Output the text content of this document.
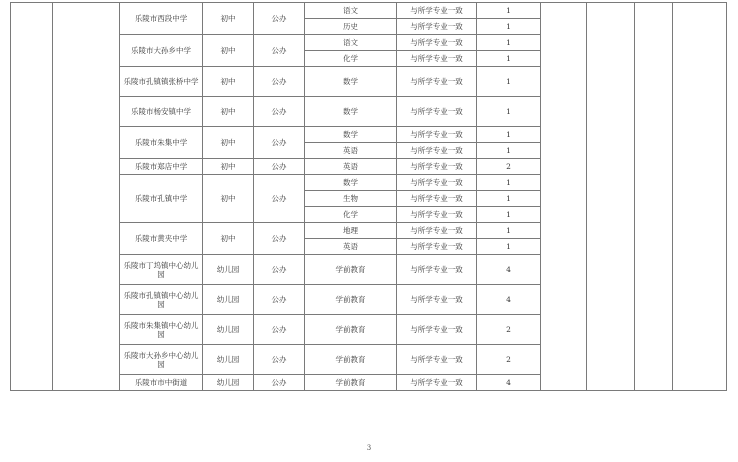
		乐陵市西段中学	初中	公办	语文	与所学专业一致	1				
					历史	与所学专业一致	1				
		乐陵市大孙乡中学	初中	公办	语文	与所学专业一致	1				
					化学	与所学专业一致	1				
		乐陵市孔镇镇张桥中学	初中	公办	数学	与所学专业一致	1				
		乐陵市杨安镇中学	初中	公办	数学	与所学专业一致	1				
		乐陵市朱集中学	初中	公办	数学	与所学专业一致	1				
					英语	与所学专业一致	1				
		乐陵市郑店中学	初中	公办	英语	与所学专业一致	2				
		乐陵市孔镇中学	初中	公办	数学	与所学专业一致	1				
					生物	与所学专业一致	1				
					化学	与所学专业一致	1				
		乐陵市黄夹中学	初中	公办	地理	与所学专业一致	1				
					英语	与所学专业一致	1				
		乐陵市丁坞镇中心幼儿园	幼儿园	公办	学前教育	与所学专业一致	4				
		乐陵市孔镇镇中心幼儿园	幼儿园	公办	学前教育	与所学专业一致	4				
		乐陵市朱集镇中心幼儿园	幼儿园	公办	学前教育	与所学专业一致	2				
		乐陵市大孙乡中心幼儿园	幼儿园	公办	学前教育	与所学专业一致	2				
		乐陵市市中街道	幼儿园	公办	学前教育	与所学专业一致	4				
3
